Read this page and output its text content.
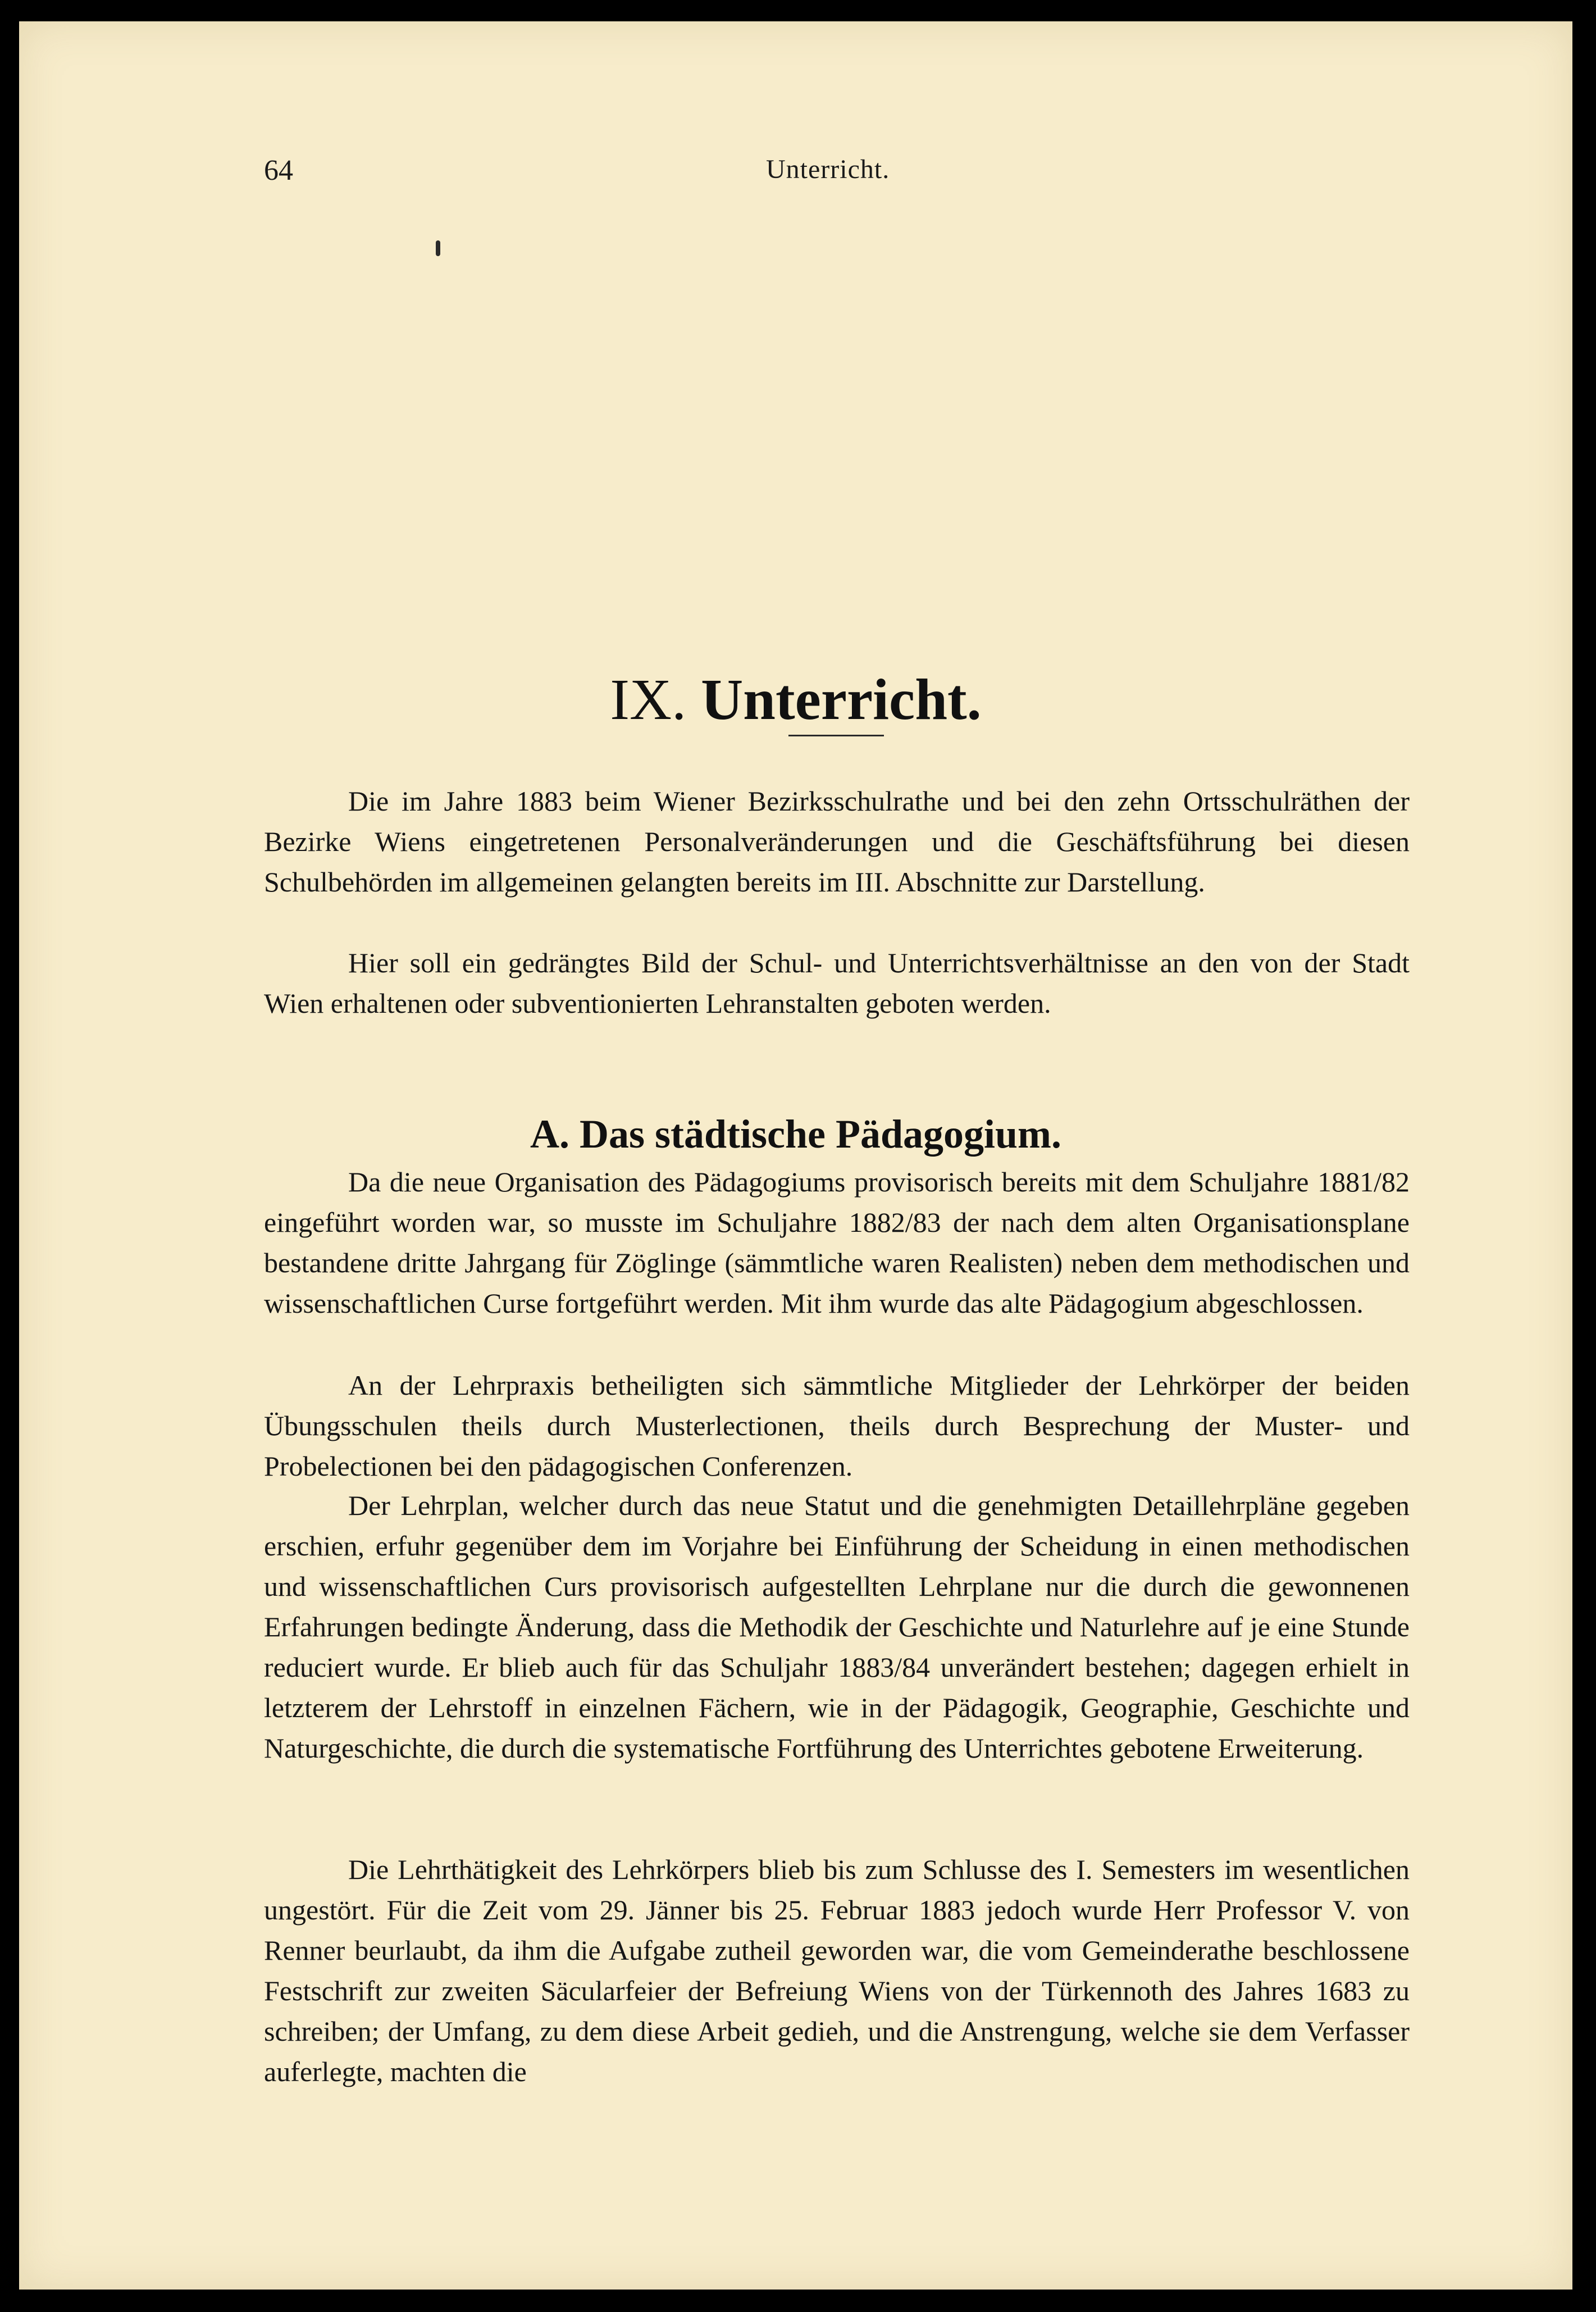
64	Unterricht.
IX. Unterricht.

Die im Jahre 1883 beim Wiener Bezirksschulrathe und bei den zehn Ortsschulräthen der Bezirke Wiens eingetretenen Personalveränderungen und die Geschäftsführung bei diesen Schulbehörden im allgemeinen gelangten bereits im III. Abschnitte zur Darstellung.

Hier soll ein gedrängtes Bild der Schul- und Unterrichtsverhältnisse an den von der Stadt Wien erhaltenen oder subventionierten Lehranstalten geboten werden.

A. Das städtische Pädagogium.

Da die neue Organisation des Pädagogiums provisorisch bereits mit dem Schuljahre 1881/82 eingeführt worden war, so musste im Schuljahre 1882/83 der nach dem alten Organisationsplane bestandene dritte Jahrgang für Zöglinge (sämmtliche waren Realisten) neben dem methodischen und wissenschaftlichen Curse fortgeführt werden. Mit ihm wurde das alte Pädagogium abgeschlossen.

An der Lehrpraxis betheiligten sich sämmtliche Mitglieder der Lehrkörper der beiden Übungsschulen theils durch Musterlectionen, theils durch Besprechung der Muster- und Probelectionen bei den pädagogischen Conferenzen.

Der Lehrplan, welcher durch das neue Statut und die genehmigten Detaillehrpläne gegeben erschien, erfuhr gegenüber dem im Vorjahre bei Einführung der Scheidung in einen methodischen und wissenschaftlichen Curs provisorisch aufgestellten Lehrplane nur die durch die gewonnenen Erfahrungen bedingte Änderung, dass die Methodik der Geschichte und Naturlehre auf je eine Stunde reduciert wurde. Er blieb auch für das Schuljahr 1883/84 unverändert bestehen; dagegen erhielt in letzterem der Lehrstoff in einzelnen Fächern, wie in der Pädagogik, Geographie, Geschichte und Naturgeschichte, die durch die systematische Fortführung des Unterrichtes gebotene Erweiterung.

Die Lehrthätigkeit des Lehrkörpers blieb bis zum Schlusse des I. Semesters im wesentlichen ungestört. Für die Zeit vom 29. Jänner bis 25. Februar 1883 jedoch wurde Herr Professor V. von Renner beurlaubt, da ihm die Aufgabe zutheil geworden war, die vom Gemeinderathe beschlossene Festschrift zur zweiten Säcularfeier der Befreiung Wiens von der Türkennoth des Jahres 1683 zu schreiben; der Umfang, zu dem diese Arbeit gedieh, und die Anstrengung, welche sie dem Verfasser auferlegte, machten die
